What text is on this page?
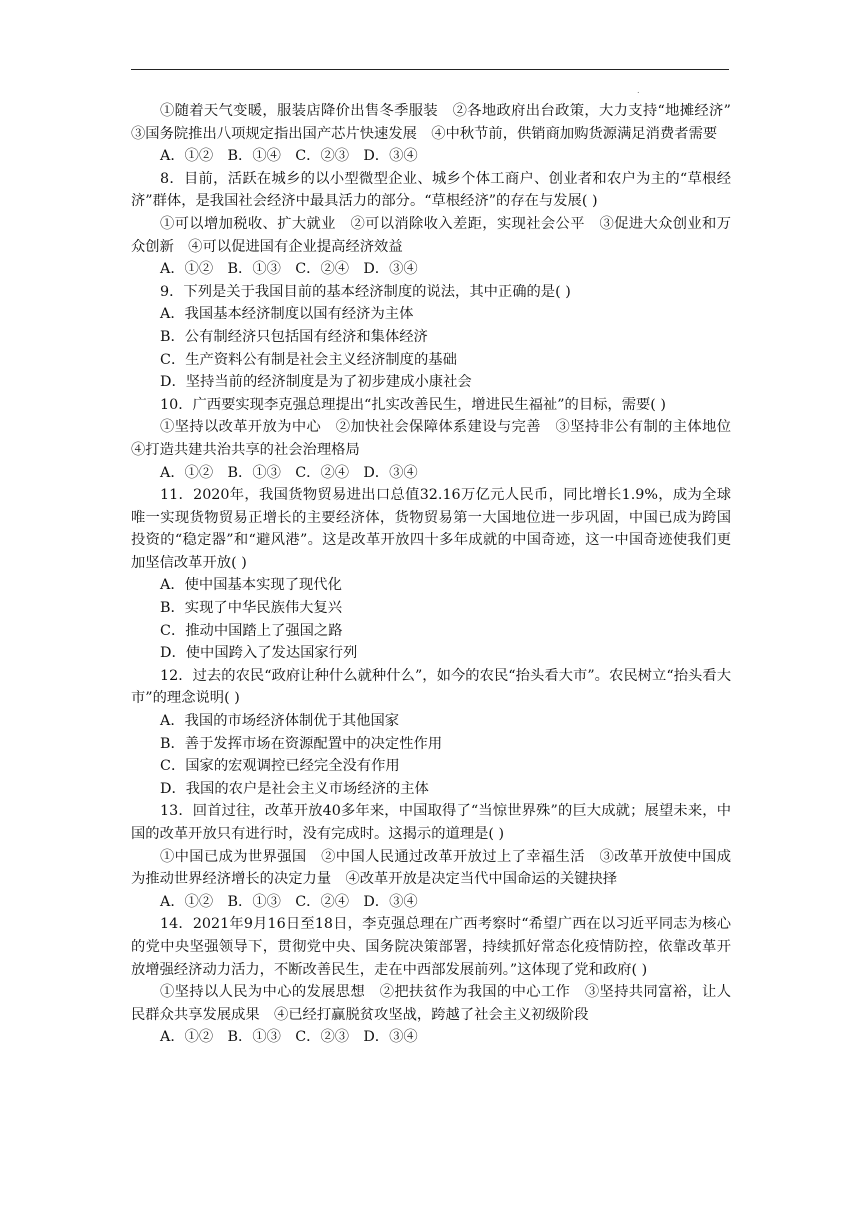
.

①随着天气变暖，服装店降价出售冬季服装　②各地政府出台政策，大力支持“地摊经济”　③国务院推出八项规定指出国产芯片快速发展　④中秋节前，供销商加购货源满足消费者需要

A．①②　B．①④　C．②③　D．③④

8．目前，活跃在城乡的以小型微型企业、城乡个体工商户、创业者和农户为主的“草根经济”群体，是我国社会经济中最具活力的部分。“草根经济”的存在与发展( )

①可以增加税收、扩大就业　②可以消除收入差距，实现社会公平　③促进大众创业和万众创新　④可以促进国有企业提高经济效益

A．①②　B．①③　C．②④　D．③④

9．下列是关于我国目前的基本经济制度的说法，其中正确的是( )

A．我国基本经济制度以国有经济为主体

B．公有制经济只包括国有经济和集体经济

C．生产资料公有制是社会主义经济制度的基础

D．坚持当前的经济制度是为了初步建成小康社会

10．广西要实现李克强总理提出“扎实改善民生，增进民生福祉”的目标，需要( )

①坚持以改革开放为中心　②加快社会保障体系建设与完善　③坚持非公有制的主体地位　④打造共建共治共享的社会治理格局

A．①②　B．①③　C．②④　D．③④

11．2020年，我国货物贸易进出口总值32.16万亿元人民币，同比增长1.9%，成为全球唯一实现货物贸易正增长的主要经济体，货物贸易第一大国地位进一步巩固，中国已成为跨国投资的“稳定器”和“避风港”。这是改革开放四十多年成就的中国奇迹，这一中国奇迹使我们更加坚信改革开放( )

A．使中国基本实现了现代化

B．实现了中华民族伟大复兴

C．推动中国踏上了强国之路

D．使中国跨入了发达国家行列

12．过去的农民“政府让种什么就种什么”，如今的农民“抬头看大市”。农民树立“抬头看大市”的理念说明( )

A．我国的市场经济体制优于其他国家

B．善于发挥市场在资源配置中的决定性作用

C．国家的宏观调控已经完全没有作用

D．我国的农户是社会主义市场经济的主体

13．回首过往，改革开放40多年来，中国取得了“当惊世界殊”的巨大成就；展望未来，中国的改革开放只有进行时，没有完成时。这揭示的道理是( )

①中国已成为世界强国　②中国人民通过改革开放过上了幸福生活　③改革开放使中国成为推动世界经济增长的决定力量　④改革开放是决定当代中国命运的关键抉择

A．①②　B．①③　C．②④　D．③④

14．2021年9月16日至18日，李克强总理在广西考察时“希望广西在以习近平同志为核心的党中央坚强领导下，贯彻党中央、国务院决策部署，持续抓好常态化疫情防控，依靠改革开放增强经济动力活力，不断改善民生，走在中西部发展前列。”这体现了党和政府( )

①坚持以人民为中心的发展思想　②把扶贫作为我国的中心工作　③坚持共同富裕，让人民群众共享发展成果　④已经打赢脱贫攻坚战，跨越了社会主义初级阶段

A．①②　B．①③　C．②③　D．③④
